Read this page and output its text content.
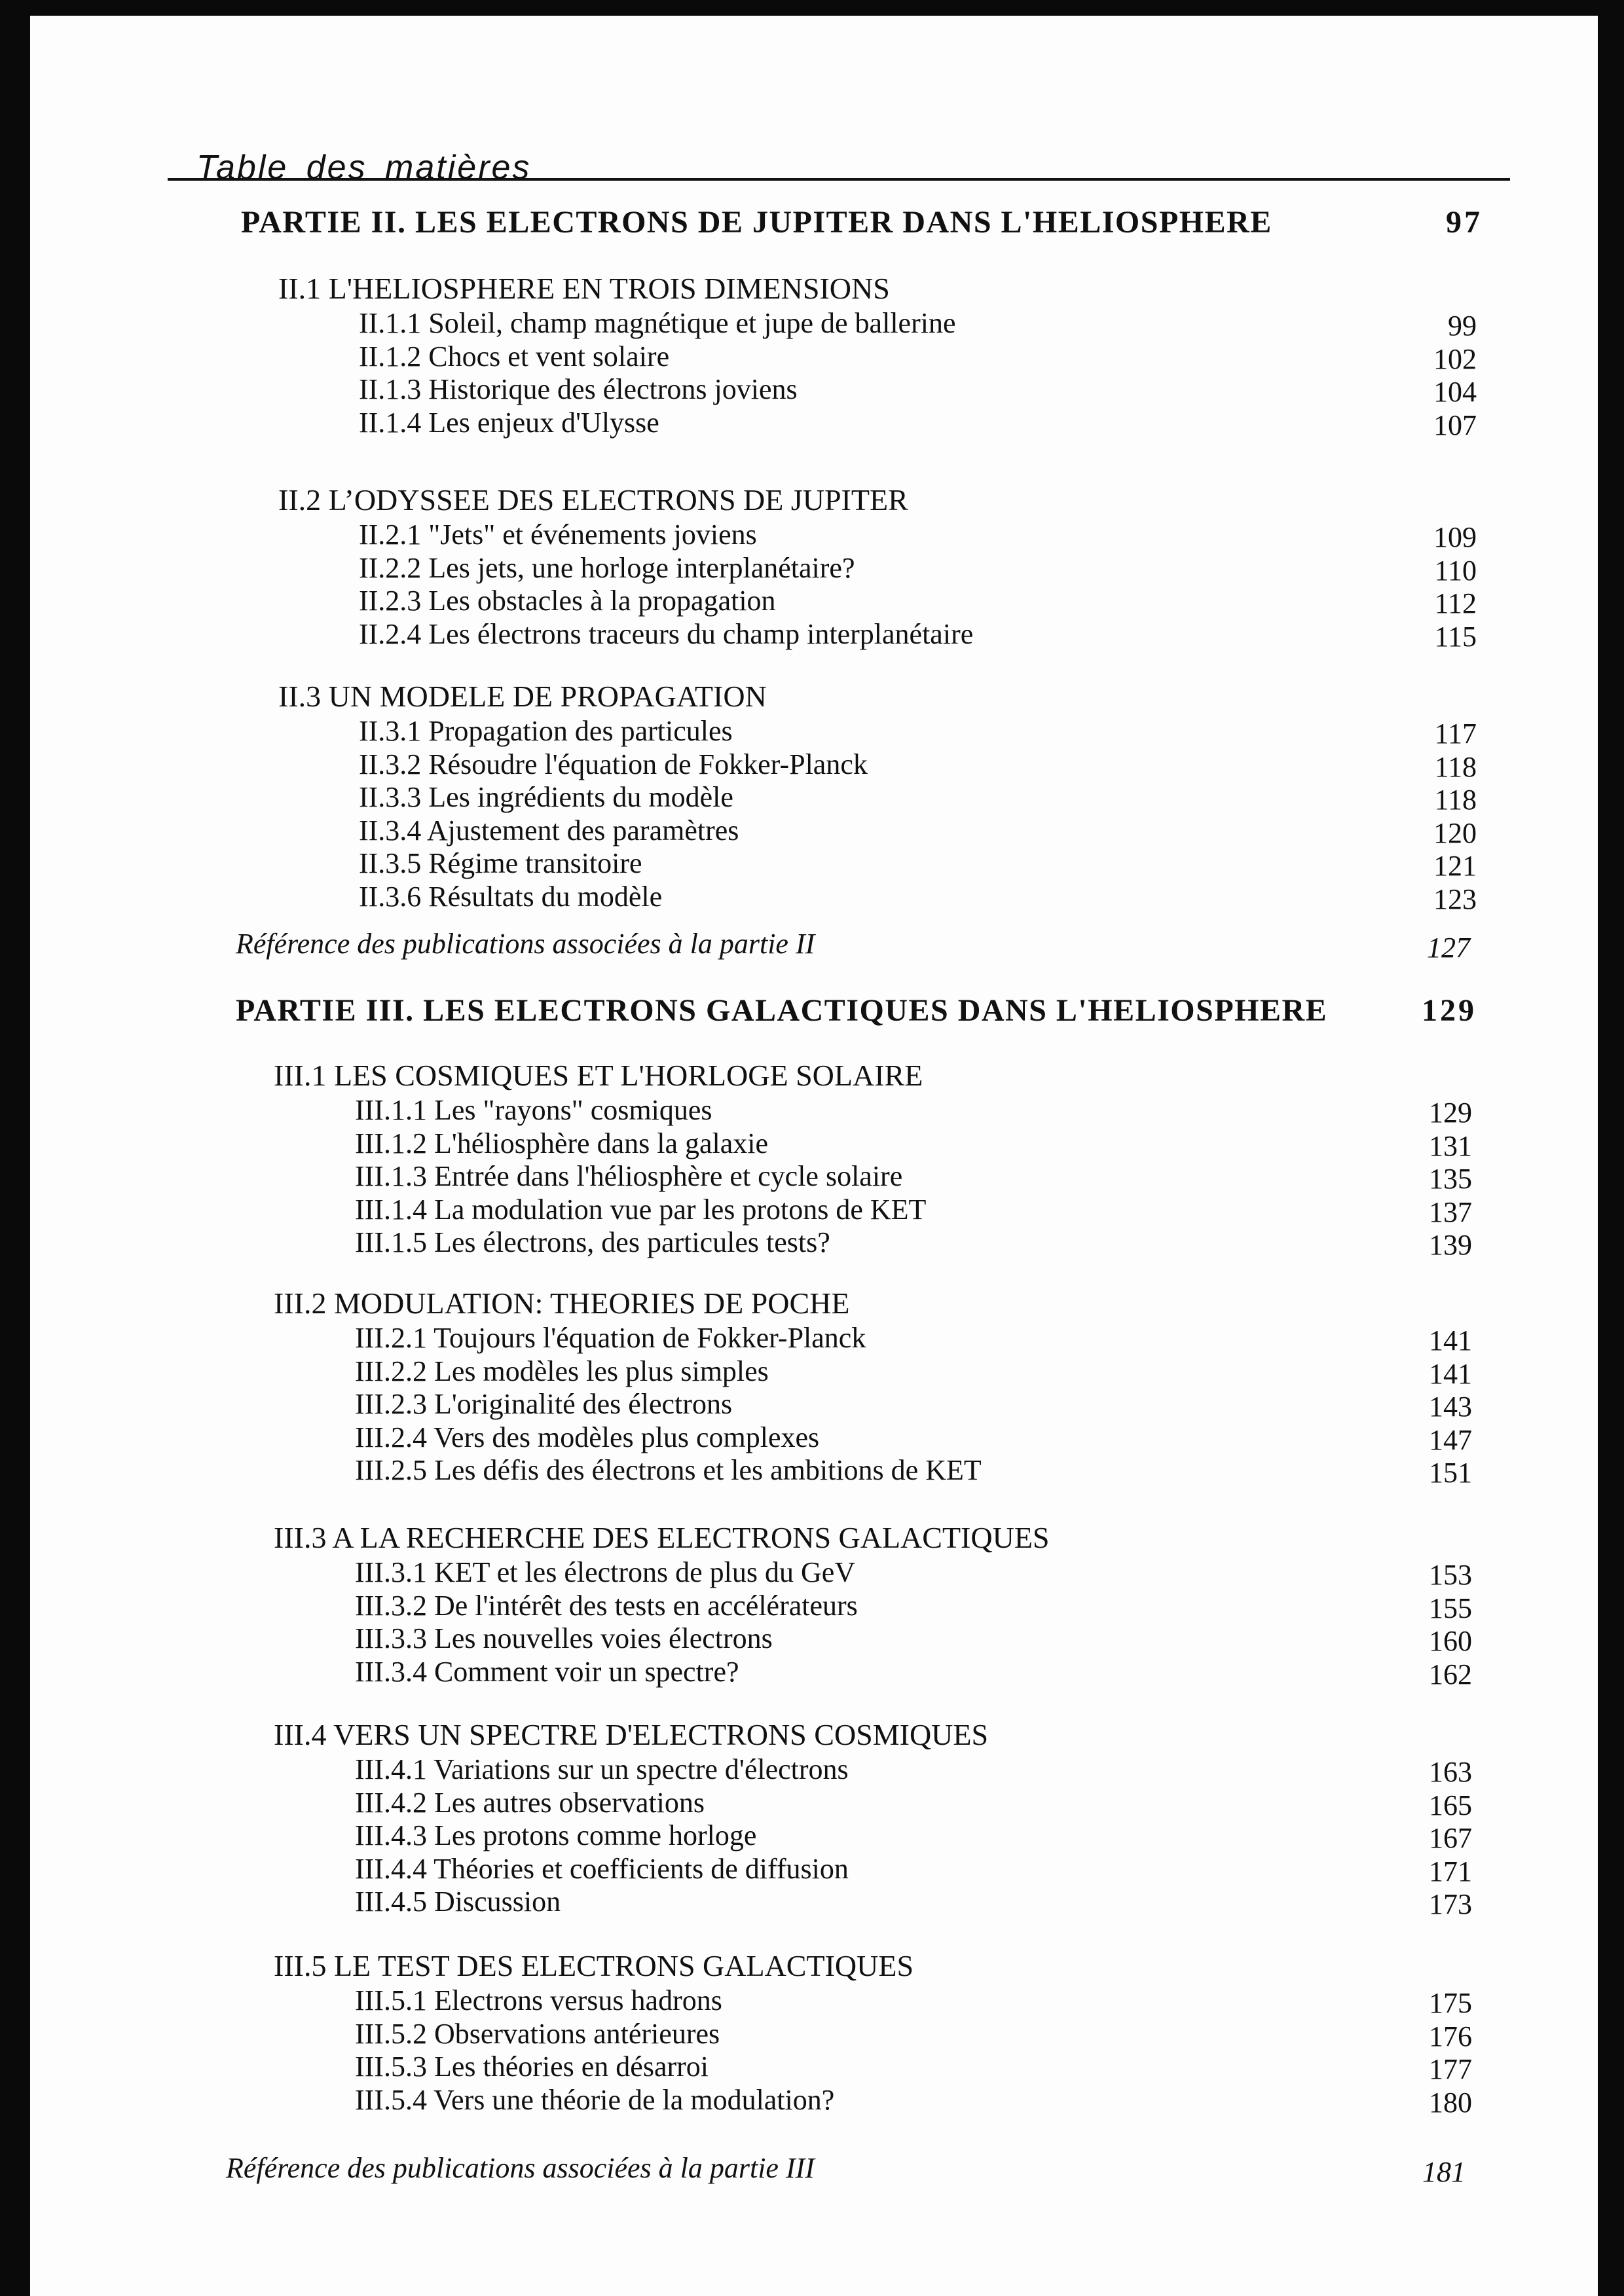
Table des matières
PARTIE II. LES ELECTRONS DE JUPITER DANS L'HELIOSPHERE	97
II.1 L'HELIOSPHERE EN TROIS DIMENSIONS
II.1.1 Soleil, champ magnétique et jupe de ballerine	99
II.1.2 Chocs et vent solaire	102
II.1.3 Historique des électrons joviens	104
II.1.4 Les enjeux d'Ulysse	107
II.2 L’ODYSSEE DES ELECTRONS DE JUPITER
II.2.1 "Jets" et événements joviens	109
II.2.2 Les jets, une horloge interplanétaire?	110
II.2.3 Les obstacles à la propagation	112
II.2.4 Les électrons traceurs du champ interplanétaire	115
II.3 UN MODELE DE PROPAGATION
II.3.1 Propagation des particules	117
II.3.2 Résoudre l'équation de Fokker-Planck	118
II.3.3 Les ingrédients du modèle	118
II.3.4 Ajustement des paramètres	120
II.3.5 Régime transitoire	121
II.3.6 Résultats du modèle	123
Référence des publications associées à la partie II	127
PARTIE III. LES ELECTRONS GALACTIQUES DANS L'HELIOSPHERE	129
III.1 LES COSMIQUES ET L'HORLOGE SOLAIRE
III.1.1 Les "rayons" cosmiques	129
III.1.2 L'héliosphère dans la galaxie	131
III.1.3 Entrée dans l'héliosphère et cycle solaire	135
III.1.4 La modulation vue par les protons de KET	137
III.1.5 Les électrons, des particules tests?	139
III.2 MODULATION: THEORIES DE POCHE
III.2.1 Toujours l'équation de Fokker-Planck	141
III.2.2 Les modèles les plus simples	141
III.2.3 L'originalité des électrons	143
III.2.4 Vers des modèles plus complexes	147
III.2.5 Les défis des électrons et les ambitions de KET	151
III.3 A LA RECHERCHE DES ELECTRONS GALACTIQUES
III.3.1 KET et les électrons de plus du GeV	153
III.3.2 De l'intérêt des tests en accélérateurs	155
III.3.3 Les nouvelles voies électrons	160
III.3.4 Comment voir un spectre?	162
III.4 VERS UN SPECTRE D'ELECTRONS COSMIQUES
III.4.1 Variations sur un spectre d'électrons	163
III.4.2 Les autres observations	165
III.4.3 Les protons comme horloge	167
III.4.4 Théories et coefficients de diffusion	171
III.4.5 Discussion	173
III.5 LE TEST DES ELECTRONS GALACTIQUES
III.5.1 Electrons versus hadrons	175
III.5.2 Observations antérieures	176
III.5.3 Les théories en désarroi	177
III.5.4 Vers une théorie de la modulation?	180
Référence des publications associées à la partie III	181
